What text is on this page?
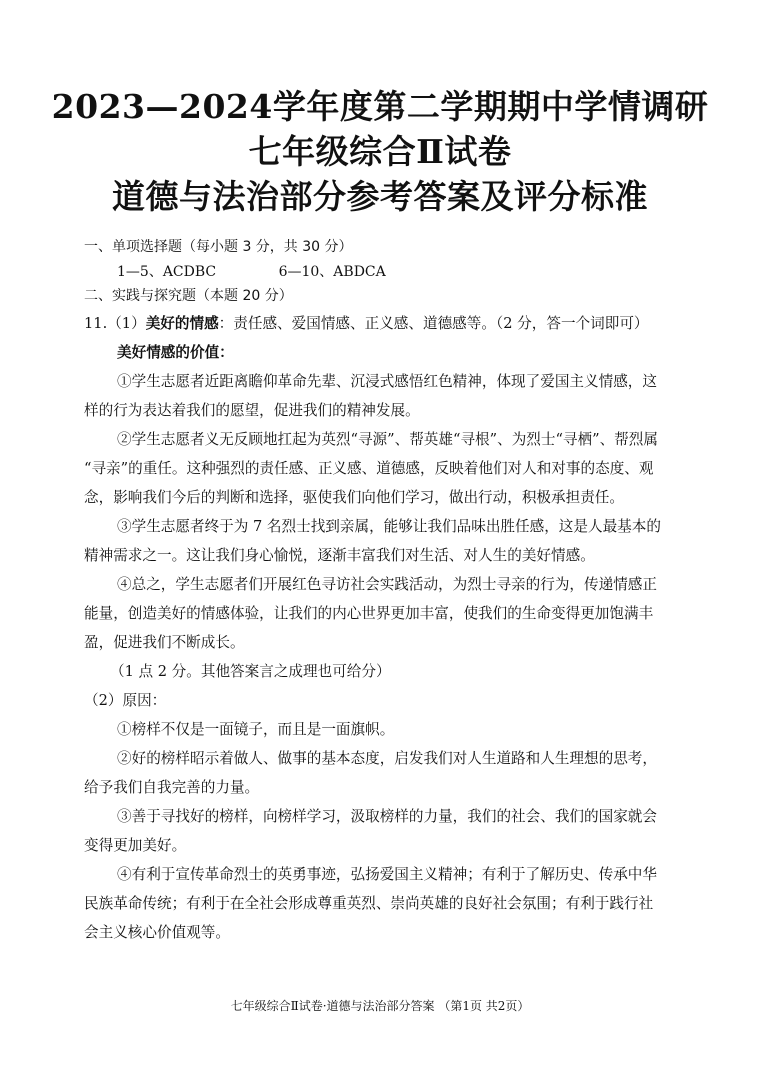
2023—2024学年度第二学期期中学情调研
七年级综合Ⅱ试卷
道德与法治部分参考答案及评分标准
一、单项选择题（每小题 3 分，共 30 分）
1—5、ACDBC	6—10、ABDCA
二、实践与探究题（本题 20 分）
11.（1）美好的情感：责任感、爱国情感、正义感、道德感等。（2 分，答一个词即可）
美好情感的价值：
①学生志愿者近距离瞻仰革命先辈、沉浸式感悟红色精神，体现了爱国主义情感，这
样的行为表达着我们的愿望，促进我们的精神发展。
②学生志愿者义无反顾地扛起为英烈“寻源”、帮英雄“寻根”、为烈士“寻栖”、帮烈属
“寻亲”的重任。这种强烈的责任感、正义感、道德感，反映着他们对人和对事的态度、观
念，影响我们今后的判断和选择，驱使我们向他们学习，做出行动，积极承担责任。
③学生志愿者终于为 7 名烈士找到亲属，能够让我们品味出胜任感，这是人最基本的
精神需求之一。这让我们身心愉悦，逐渐丰富我们对生活、对人生的美好情感。
④总之，学生志愿者们开展红色寻访社会实践活动，为烈士寻亲的行为，传递情感正
能量，创造美好的情感体验，让我们的内心世界更加丰富，使我们的生命变得更加饱满丰
盈，促进我们不断成长。
（1 点 2 分。其他答案言之成理也可给分）
（2）原因：
①榜样不仅是一面镜子，而且是一面旗帜。
②好的榜样昭示着做人、做事的基本态度，启发我们对人生道路和人生理想的思考，
给予我们自我完善的力量。
③善于寻找好的榜样，向榜样学习，汲取榜样的力量，我们的社会、我们的国家就会
变得更加美好。
④有利于宣传革命烈士的英勇事迹，弘扬爱国主义精神；有利于了解历史、传承中华
民族革命传统；有利于在全社会形成尊重英烈、崇尚英雄的良好社会氛围；有利于践行社
会主义核心价值观等。
七年级综合Ⅱ试卷·道德与法治部分答案 （第1页 共2页）
